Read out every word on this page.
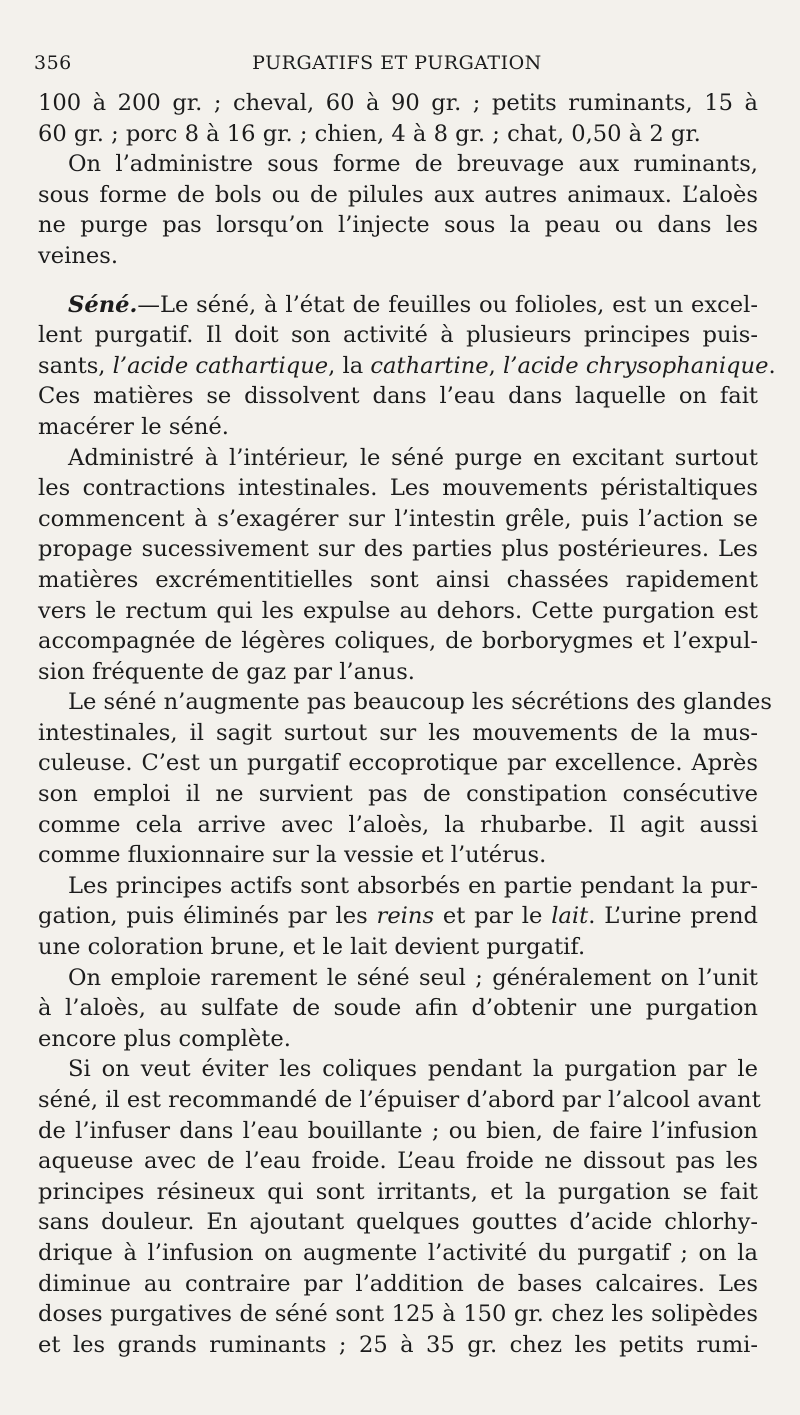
356	PURGATIFS ET PURGATION
100 à 200 gr. ; cheval, 60 à 90 gr. ; petits ruminants, 15 à
60 gr. ; porc 8 à 16 gr. ; chien, 4 à 8 gr. ; chat, 0,50 à 2 gr.
On l’administre sous forme de breuvage aux ruminants,
sous forme de bols ou de pilules aux autres animaux. L’aloès
ne purge pas lorsqu’on l’injecte sous la peau ou dans les
veines.
Séné.—Le séné, à l’état de feuilles ou folioles, est un excel-
lent purgatif. Il doit son activité à plusieurs principes puis-
sants, l’acide cathartique, la cathartine, l’acide chrysophanique.
Ces matières se dissolvent dans l’eau dans laquelle on fait
macérer le séné.
Administré à l’intérieur, le séné purge en excitant surtout
les contractions intestinales. Les mouvements péristaltiques
commencent à s’exagérer sur l’intestin grêle, puis l’action se
propage sucessivement sur des parties plus postérieures. Les
matières excrémentitielles sont ainsi chassées rapidement
vers le rectum qui les expulse au dehors. Cette purgation est
accompagnée de légères coliques, de borborygmes et l’expul-
sion fréquente de gaz par l’anus.
Le séné n’augmente pas beaucoup les sécrétions des glandes
intestinales, il sagit surtout sur les mouvements de la mus-
culeuse. C’est un purgatif eccoprotique par excellence. Après
son emploi il ne survient pas de constipation consécutive
comme cela arrive avec l’aloès, la rhubarbe. Il agit aussi
comme fluxionnaire sur la vessie et l’utérus.
Les principes actifs sont absorbés en partie pendant la pur-
gation, puis éliminés par les reins et par le lait. L’urine prend
une coloration brune, et le lait devient purgatif.
On emploie rarement le séné seul ; généralement on l’unit
à l’aloès, au sulfate de soude afin d’obtenir une purgation
encore plus complète.
Si on veut éviter les coliques pendant la purgation par le
séné, il est recommandé de l’épuiser d’abord par l’alcool avant
de l’infuser dans l’eau bouillante ; ou bien, de faire l’infusion
aqueuse avec de l’eau froide. L’eau froide ne dissout pas les
principes résineux qui sont irritants, et la purgation se fait
sans douleur. En ajoutant quelques gouttes d’acide chlorhy-
drique à l’infusion on augmente l’activité du purgatif ; on la
diminue au contraire par l’addition de bases calcaires. Les
doses purgatives de séné sont 125 à 150 gr. chez les solipèdes
et les grands ruminants ; 25 à 35 gr. chez les petits rumi-
